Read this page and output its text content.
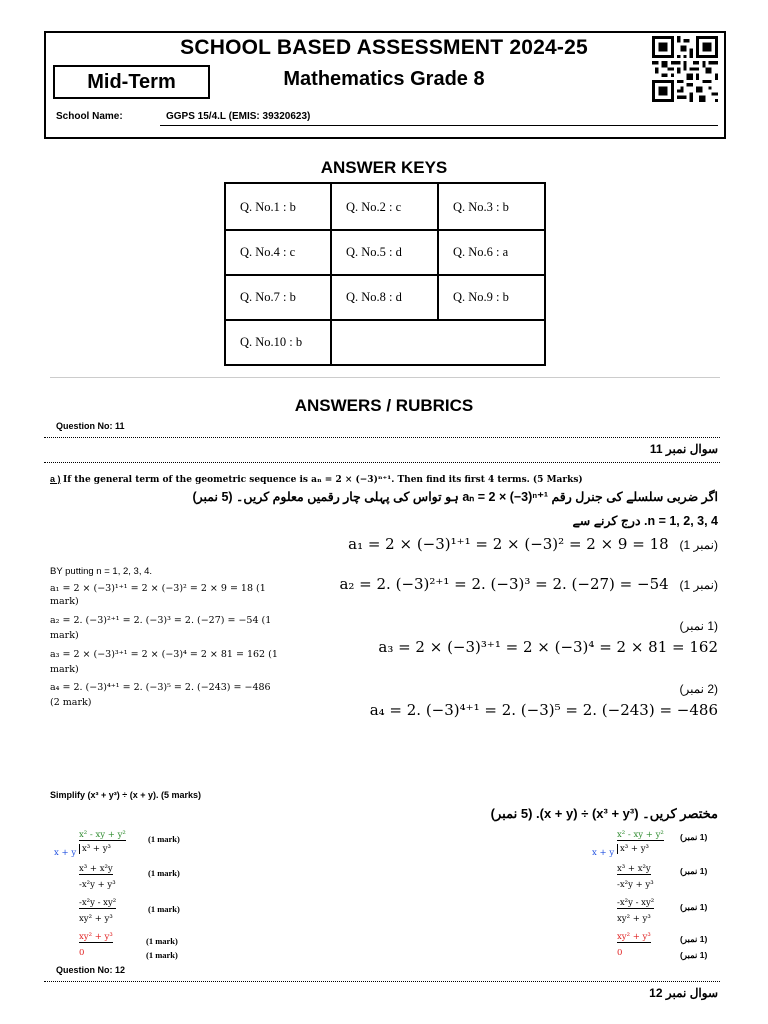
SCHOOL BASED ASSESSMENT 2024-25
Mid-Term	Mathematics Grade 8
School Name:	GGPS 15/4.L (EMIS: 39320623)
ANSWER KEYS
Q. No.1 : b	Q. No.2 : c	Q. No.3 : b
Q. No.4 : c	Q. No.5 : d	Q. No.6 : a
Q. No.7 : b	Q. No.8 : d	Q. No.9 : b
Q. No.10 : b
ANSWERS / RUBRICS
Question No: 11
سوال نمبر 11
a ) If the general term of the geometric sequence is aₙ = 2 × (−3)ⁿ⁺¹. Then find its first 4 terms. (5 Marks)
اگر ضربی سلسلے کی جنرل رقم aₙ = 2 × (−3)ⁿ⁺¹ ہو تواس کی پہلی چار رقمیں معلوم کریں۔ (5 نمبر)
n = 1, 2, 3, 4. درج کرنے سے
BY putting n = 1, 2, 3, 4.
a₁ = 2 × (−3)¹⁺¹ = 2 × (−3)² = 2 × 9 = 18 (1
mark)
a₂ = 2. (−3)²⁺¹ = 2. (−3)³ = 2. (−27) = −54 (1
mark)
a₃ = 2 × (−3)³⁺¹ = 2 × (−3)⁴ = 2 × 81 = 162 (1
mark)
a₄ = 2. (−3)⁴⁺¹ = 2. (−3)⁵ = 2. (−243) = −486
(2 mark)
a₁ = 2 × (−3)¹⁺¹ = 2 × (−3)² = 2 × 9 = 18 (1 نمبر)
a₂ = 2. (−3)²⁺¹ = 2. (−3)³ = 2. (−27) = −54 (1 نمبر)
(1 نمبر)
a₃ = 2 × (−3)³⁺¹ = 2 × (−3)⁴ = 2 × 81 = 162
(2 نمبر)
a₄ = 2. (−3)⁴⁺¹ = 2. (−3)⁵ = 2. (−243) = −486
Simplify (x³ + y³) ÷ (x + y). (5 marks)
مختصر کریں۔ (x³ + y³) ÷ (x + y). (5 نمبر)
x² - xy + y²
x + y x³ + y³
x³ + x²y
-x²y + y³
-x²y - xy²
xy² + y³
xy² + y³
0
(1 mark)
(1 mark)
(1 mark)
(1 mark)
(1 mark)
x² - xy + y²
x + y x³ + y³
x³ + x²y
-x²y + y³
-x²y - xy²
xy² + y³
xy² + y³
0
(1 نمبر)
(1 نمبر)
(1 نمبر)
(1 نمبر)
(1 نمبر)
Question No: 12
سوال نمبر 12
